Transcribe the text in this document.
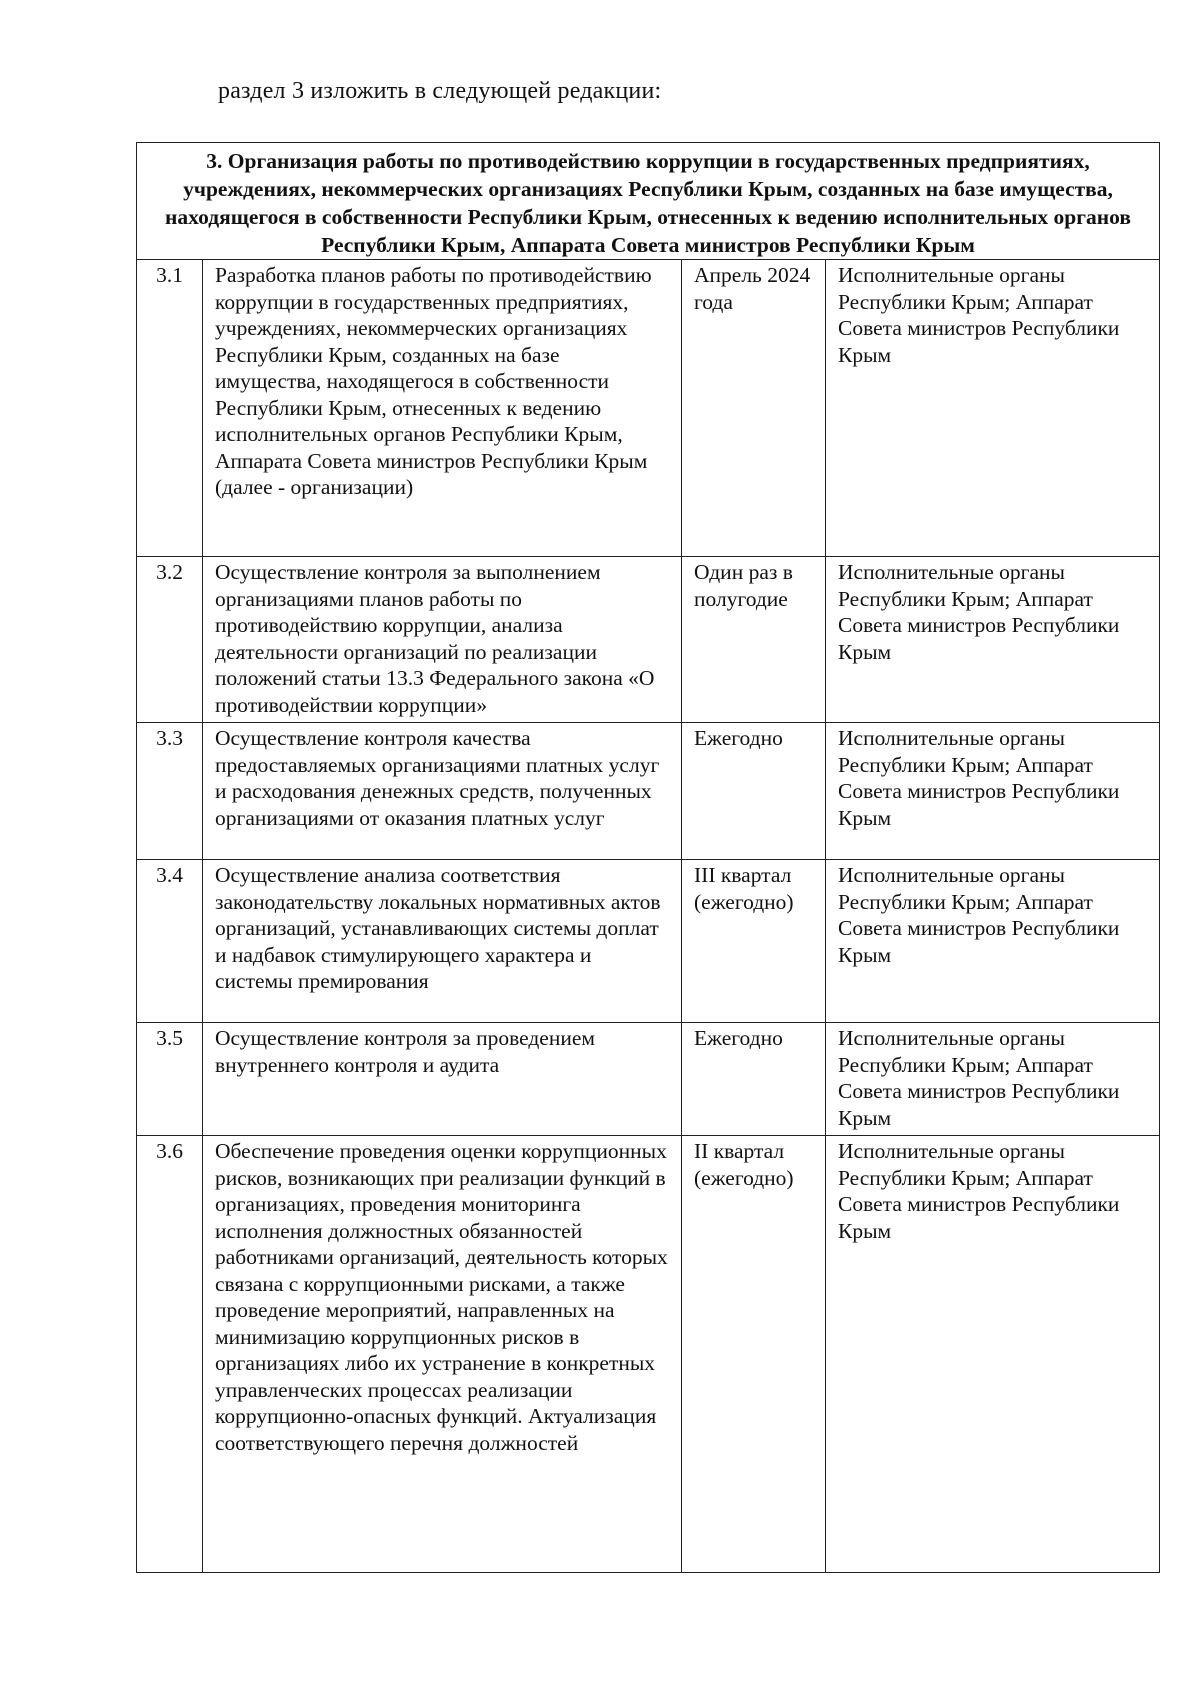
раздел 3 изложить в следующей редакции:
3. Организация работы по противодействию коррупции в государственных предприятиях, учреждениях, некоммерческих организациях Республики Крым, созданных на базе имущества, находящегося в собственности Республики Крым, отнесенных к ведению исполнительных органов Республики Крым, Аппарата Совета министров Республики Крым			
3.1	Разработка планов работы по противодействию коррупции в государственных предприятиях, учреждениях, некоммерческих организациях Республики Крым, созданных на базе имущества, находящегося в собственности Республики Крым, отнесенных к ведению исполнительных органов Республики Крым, Аппарата Совета министров Республики Крым (далее - организации)	Апрель 2024 года	Исполнительные органы Республики Крым; Аппарат Совета министров Республики Крым
3.2	Осуществление контроля за выполнением организациями планов работы по противодействию коррупции, анализа деятельности организаций по реализации положений статьи 13.3 Федерального закона «О противодействии коррупции»	Один раз в полугодие	Исполнительные органы Республики Крым; Аппарат Совета министров Республики Крым
3.3	Осуществление контроля качества предоставляемых организациями платных услуг и расходования денежных средств, полученных организациями от оказания платных услуг	Ежегодно	Исполнительные органы Республики Крым; Аппарат Совета министров Республики Крым
3.4	Осуществление анализа соответствия законодательству локальных нормативных актов организаций, устанавливающих системы доплат и надбавок стимулирующего характера и системы премирования	III квартал (ежегодно)	Исполнительные органы Республики Крым; Аппарат Совета министров Республики Крым
3.5	Осуществление контроля за проведением внутреннего контроля и аудита	Ежегодно	Исполнительные органы Республики Крым; Аппарат Совета министров Республики Крым
3.6	Обеспечение проведения оценки коррупционных рисков, возникающих при реализации функций в организациях, проведения мониторинга исполнения должностных обязанностей работниками организаций, деятельность которых связана с коррупционными рисками, а также проведение мероприятий, направленных на минимизацию коррупционных рисков в организациях либо их устранение в конкретных управленческих процессах реализации коррупционно-опасных функций. Актуализация соответствующего перечня должностей	II квартал (ежегодно)	Исполнительные органы Республики Крым; Аппарат Совета министров Республики Крым
